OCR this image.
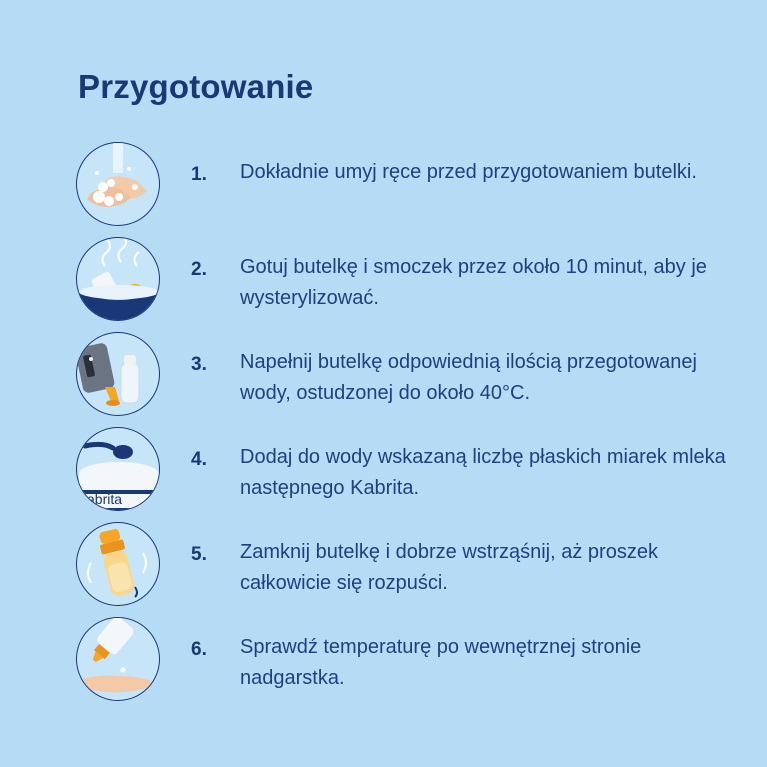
Przygotowanie
1. Dokładnie umyj ręce przed przygotowaniem butelki.
2. Gotuj butelkę i smoczek przez około 10 minut, aby je wysterylizować.
3. Napełnij butelkę odpowiednią ilością przegotowanej wody, ostudzonej do około 40°C.
abrita
4. Dodaj do wody wskazaną liczbę płaskich miarek mleka następnego Kabrita.
5. Zamknij butelkę i dobrze wstrząśnij, aż proszek całkowicie się rozpuści.
6. Sprawdź temperaturę po wewnętrznej stronie nadgarstka.
